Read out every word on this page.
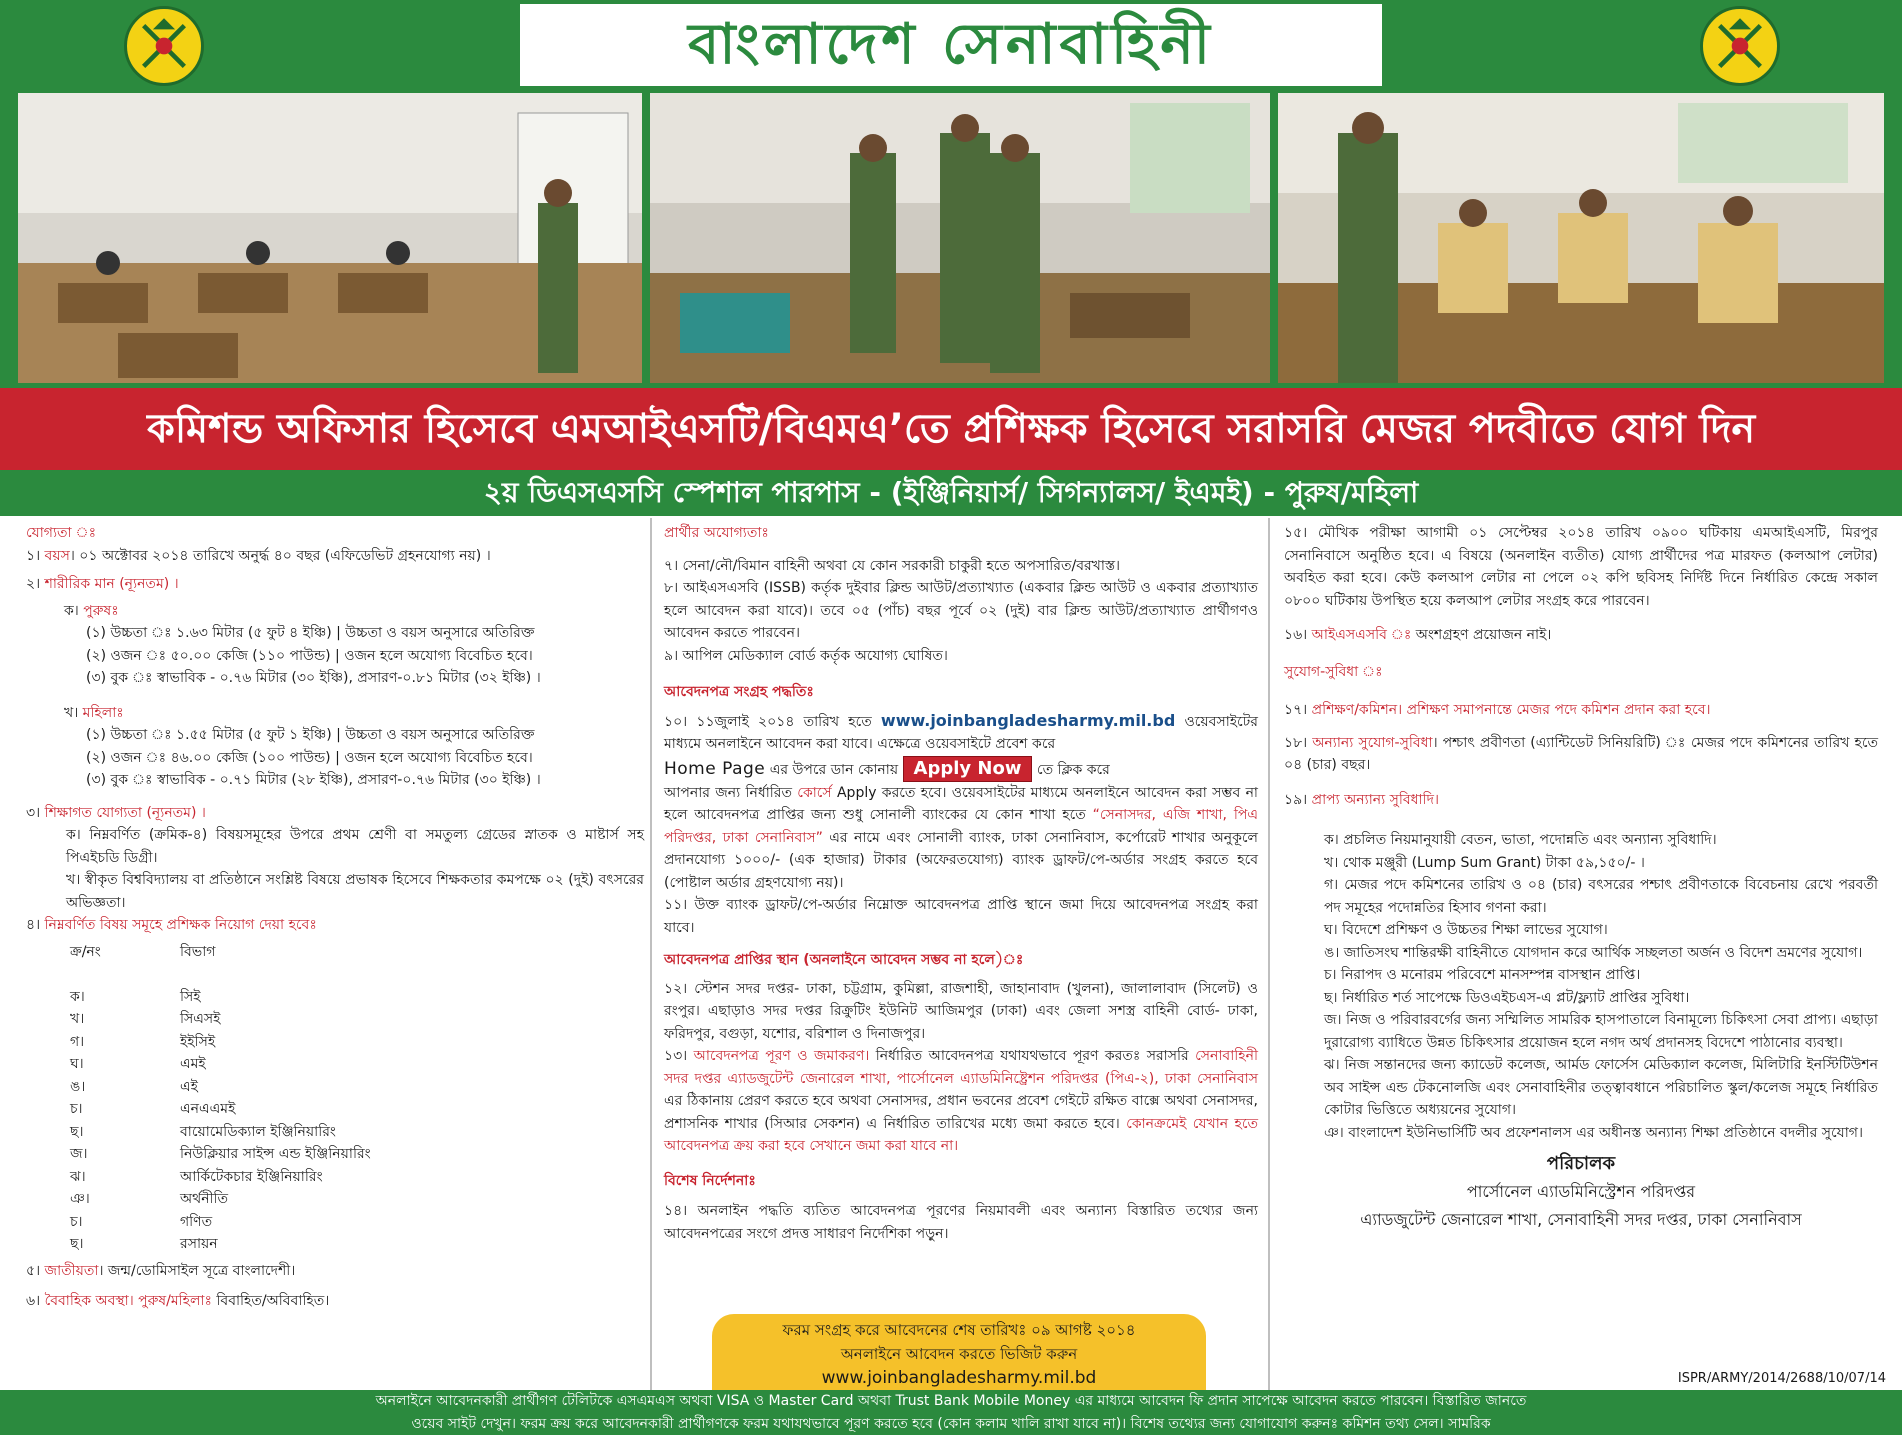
বাংলাদেশ সেনাবাহিনী
কমিশন্ড অফিসার হিসেবে এমআইএসটি/বিএমএ’তে প্রশিক্ষক হিসেবে সরাসরি মেজর পদবীতে যোগ দিন
২য় ডিএসএসসি স্পেশাল পারপাস - (ইঞ্জিনিয়ার্স/ সিগন্যালস/ ইএমই) - পুরুষ/মহিলা
যোগ্যতা ঃ
১। বয়স। ০১ অক্টোবর ২০১৪ তারিখে অনুর্দ্ধ ৪০ বছর (এফিডেভিট গ্রহনযোগ্য নয়) ।
২। শারীরিক মান (ন্যূনতম) ।
ক। পুরুষঃ
(১) উচ্চতা ঃ ১.৬৩ মিটার (৫ ফুট ৪ ইঞ্চি) | উচ্চতা ও বয়স অনুসারে অতিরিক্ত
(২) ওজন ঃ ৫০.০০ কেজি (১১০ পাউন্ড) | ওজন হলে অযোগ্য বিবেচিত হবে।
(৩) বুক ঃ স্বাভাবিক - ০.৭৬ মিটার (৩০ ইঞ্চি), প্রসারণ-০.৮১ মিটার (৩২ ইঞ্চি) ।
খ। মহিলাঃ
(১) উচ্চতা ঃ ১.৫৫ মিটার (৫ ফুট ১ ইঞ্চি) | উচ্চতা ও বয়স অনুসারে অতিরিক্ত
(২) ওজন ঃ ৪৬.০০ কেজি (১০০ পাউন্ড) | ওজন হলে অযোগ্য বিবেচিত হবে।
(৩) বুক ঃ স্বাভাবিক - ০.৭১ মিটার (২৮ ইঞ্চি), প্রসারণ-০.৭৬ মিটার (৩০ ইঞ্চি) ।
৩। শিক্ষাগত যোগ্যতা (ন্যূনতম) ।
ক। নিম্নবর্ণিত (ক্রমিক-৪) বিষয়সমূহের উপরে প্রথম শ্রেণী বা সমতুল্য গ্রেডের স্নাতক ও মাষ্টার্স সহ পিএইচডি ডিগ্রী।
খ। স্বীকৃত বিশ্ববিদ্যালয় বা প্রতিষ্ঠানে সংশ্লিষ্ট বিষয়ে প্রভাষক হিসেবে শিক্ষকতার কমপক্ষে ০২ (দুই) বৎসরের অভিজ্ঞতা।
৪। নিম্নবর্ণিত বিষয় সমূহে প্রশিক্ষক নিয়োগ দেয়া হবেঃ
ক্র/নং	বিভাগ

ক।	সিই
খ।	সিএসই
গ।	ইইসিই
ঘ।	এমই
ঙ।	এই
চ।	এনএএমই
ছ।	বায়োমেডিক্যাল ইঞ্জিনিয়ারিং
জ।	নিউক্লিয়ার সাইন্স এন্ড ইঞ্জিনিয়ারিং
ঝ।	আর্কিটেকচার ইঞ্জিনিয়ারিং
ঞ।	অর্থনীতি
চ।	গণিত
ছ।	রসায়ন
৫। জাতীয়তা। জন্ম/ডোমিসাইল সূত্রে বাংলাদেশী।
৬। বৈবাহিক অবস্থা। পুরুষ/মহিলাঃ বিবাহিত/অবিবাহিত।
প্রার্থীর অযোগ্যতাঃ
৭। সেনা/নৌ/বিমান বাহিনী অথবা যে কোন সরকারী চাকুরী হতে অপসারিত/বরখাস্ত।
৮। আইএসএসবি (ISSB) কর্তৃক দুইবার ক্লিন্ড আউট/প্রত্যাখ্যাত (একবার ক্লিন্ড আউট ও একবার প্রত্যাখ্যাত হলে আবেদন করা যাবে)। তবে ০৫ (পাঁচ) বছর পূর্বে ০২ (দুই) বার ক্লিন্ড আউট/প্রত্যাখ্যাত প্রার্থীগণও আবেদন করতে পারবেন।
৯। আপিল মেডিক্যাল বোর্ড কর্তৃক অযোগ্য ঘোষিত।
আবেদনপত্র সংগ্রহ পদ্ধতিঃ
১০। ১১জুলাই ২০১৪ তারিখ হতে www.joinbangladesharmy.mil.bd ওয়েবসাইটের মাধ্যমে অনলাইনে আবেদন করা যাবে। এক্ষেত্রে ওয়েবসাইটে প্রবেশ করে
Home Page এর উপরে ডান কোনায় Apply Now তে ক্লিক করে
আপনার জন্য নির্ধারিত কোর্সে Apply করতে হবে। ওয়েবসাইটের মাধ্যমে অনলাইনে আবেদন করা সম্ভব না হলে আবেদনপত্র প্রাপ্তির জন্য শুধু সোনালী ব্যাংকের যে কোন শাখা হতে “সেনাসদর, এজি শাখা, পিএ পরিদপ্তর, ঢাকা সেনানিবাস” এর নামে এবং সোনালী ব্যাংক, ঢাকা সেনানিবাস, কর্পোরেট শাখার অনুকূলে প্রদানযোগ্য ১০০০/- (এক হাজার) টাকার (অফেরতযোগ্য) ব্যাংক ড্রাফট/পে-অর্ডার সংগ্রহ করতে হবে (পোষ্টাল অর্ডার গ্রহণযোগ্য নয়)।
১১। উক্ত ব্যাংক ড্রাফট/পে-অর্ডার নিম্নোক্ত আবেদনপত্র প্রাপ্তি স্থানে জমা দিয়ে আবেদনপত্র সংগ্রহ করা যাবে।
আবেদনপত্র প্রাপ্তির স্থান (অনলাইনে আবেদন সম্ভব না হলে)ঃ
১২। স্টেশন সদর দপ্তর- ঢাকা, চট্টগ্রাম, কুমিল্লা, রাজশাহী, জাহানাবাদ (খুলনা), জালালাবাদ (সিলেট) ও রংপুর। এছাড়াও সদর দপ্তর রিক্রুটিং ইউনিট আজিমপুর (ঢাকা) এবং জেলা সশস্ত্র বাহিনী বোর্ড- ঢাকা, ফরিদপুর, বগুড়া, যশোর, বরিশাল ও দিনাজপুর।
১৩। আবেদনপত্র পূরণ ও জমাকরণ। নির্ধারিত আবেদনপত্র যথাযথভাবে পূরণ করতঃ সরাসরি সেনাবাহিনী সদর দপ্তর এ্যাডজুটেন্ট জেনারেল শাখা, পার্সোনেল এ্যাডমিনিষ্ট্রেশন পরিদপ্তর (পিএ-২), ঢাকা সেনানিবাস এর ঠিকানায় প্রেরণ করতে হবে অথবা সেনাসদর, প্রধান ভবনের প্রবেশ গেইটে রক্ষিত বাক্সে অথবা সেনাসদর, প্রশাসনিক শাখার (সিআর সেকশন) এ নির্ধারিত তারিখের মধ্যে জমা করতে হবে। কোনক্রমেই যেখান হতে আবেদনপত্র ক্রয় করা হবে সেখানে জমা করা যাবে না।
বিশেষ নির্দেশনাঃ
১৪। অনলাইন পদ্ধতি ব্যতিত আবেদনপত্র পূরণের নিয়মাবলী এবং অন্যান্য বিস্তারিত তথ্যের জন্য আবেদনপত্রের সংগে প্রদত্ত সাধারণ নির্দেশিকা পড়ুন।
১৫। মৌখিক পরীক্ষা আগামী ০১ সেপ্টেম্বর ২০১৪ তারিখ ০৯০০ ঘটিকায় এমআইএসটি, মিরপুর সেনানিবাসে অনুষ্ঠিত হবে। এ বিষয়ে (অনলাইন ব্যতীত) যোগ্য প্রার্থীদের পত্র মারফত (কলআপ লেটার) অবহিত করা হবে। কেউ কলআপ লেটার না পেলে ০২ কপি ছবিসহ নির্দিষ্ট দিনে নির্ধারিত কেন্দ্রে সকাল ০৮০০ ঘটিকায় উপস্থিত হয়ে কলআপ লেটার সংগ্রহ করে পারবেন।
১৬। আইএসএসবি ঃ অংশগ্রহণ প্রয়োজন নাই।
সুযোগ-সুবিধা ঃ
১৭। প্রশিক্ষণ/কমিশন। প্রশিক্ষণ সমাপনান্তে মেজর পদে কমিশন প্রদান করা হবে।
১৮। অন্যান্য সুযোগ-সুবিধা। পশ্চাৎ প্রবীণতা (এ্যান্টিডেট সিনিয়রিটি) ঃ মেজর পদে কমিশনের তারিখ হতে ০৪ (চার) বছর।
১৯। প্রাপ্য অন্যান্য সুবিধাদি।
ক। প্রচলিত নিয়মানুযায়ী বেতন, ভাতা, পদোন্নতি এবং অন্যান্য সুবিধাদি।
খ। থোক মঞ্জুরী (Lump Sum Grant) টাকা ৫৯,১৫০/- ।
গ। মেজর পদে কমিশনের তারিখ ও ০৪ (চার) বৎসরের পশ্চাৎ প্রবীণতাকে বিবেচনায় রেখে পরবর্তী পদ সমূহের পদোন্নতির হিসাব গণনা করা।
ঘ। বিদেশে প্রশিক্ষণ ও উচ্চতর শিক্ষা লাভের সুযোগ।
ঙ। জাতিসংঘ শান্তিরক্ষী বাহিনীতে যোগদান করে আর্থিক সচ্ছলতা অর্জন ও বিদেশ ভ্রমণের সুযোগ।
চ। নিরাপদ ও মনোরম পরিবেশে মানসম্পন্ন বাসস্থান প্রাপ্তি।
ছ। নির্ধারিত শর্ত সাপেক্ষে ডিওএইচএস-এ প্লট/ফ্ল্যাট প্রাপ্তির সুবিধা।
জ। নিজ ও পরিবারবর্গের জন্য সম্মিলিত সামরিক হাসপাতালে বিনামূল্যে চিকিৎসা সেবা প্রাপ্য। এছাড়া দুরারোগ্য ব্যাধিতে উন্নত চিকিৎসার প্রয়োজন হলে নগদ অর্থ প্রদানসহ বিদেশে পাঠানোর ব্যবস্থা।
ঝ। নিজ সন্তানদের জন্য ক্যাডেট কলেজ, আর্মড ফোর্সেস মেডিক্যাল কলেজ, মিলিটারি ইনস্টিটিউশন অব সাইন্স এন্ড টেকনোলজি এবং সেনাবাহিনীর তত্ত্বাবধানে পরিচালিত স্কুল/কলেজ সমূহে নির্ধারিত কোটার ভিত্তিতে অধ্যয়নের সুযোগ।
ঞ। বাংলাদেশ ইউনিভার্সিটি অব প্রফেশনালস এর অধীনস্ত অন্যান্য শিক্ষা প্রতিষ্ঠানে বদলীর সুযোগ।
পরিচালক
পার্সোনেল এ্যাডমিনিস্ট্রেশন পরিদপ্তর
এ্যাডজুটেন্ট জেনারেল শাখা, সেনাবাহিনী সদর দপ্তর, ঢাকা সেনানিবাস
ফরম সংগ্রহ করে আবেদনের শেষ তারিখঃ ০৯ আগষ্ট ২০১৪
অনলাইনে আবেদন করতে ভিজিট করুন
www.joinbangladesharmy.mil.bd	ISPR/ARMY/2014/2688/10/07/14
অনলাইনে আবেদনকারী প্রার্থীগণ টেলিটকে এসএমএস অথবা VISA ও Master Card অথবা Trust Bank Mobile Money এর মাধ্যমে আবেদন ফি প্রদান সাপেক্ষে আবেদন করতে পারবেন। বিস্তারিত জানতে
ওয়েব সাইট দেখুন। ফরম ক্রয় করে আবেদনকারী প্রার্থীগণকে ফরম যথাযথভাবে পূরণ করতে হবে (কোন কলাম খালি রাখা যাবে না)। বিশেষ তথ্যের জন্য যোগাযোগ করুনঃ কমিশন তথ্য সেল। সামরিক
